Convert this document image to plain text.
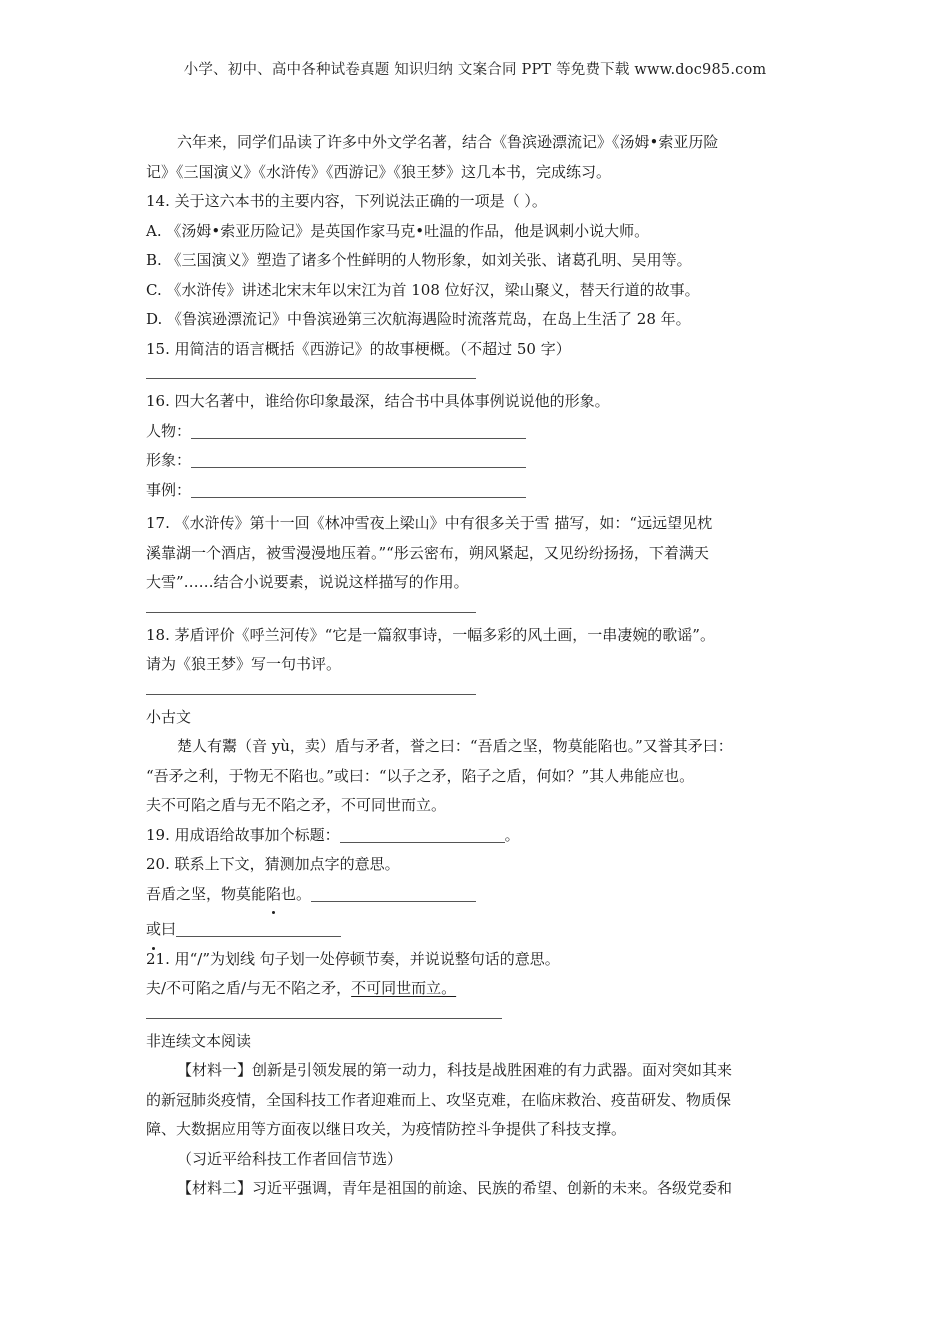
小学、初中、高中各种试卷真题 知识归纳 文案合同 PPT 等免费下载 www.doc985.com

六年来，同学们品读了许多中外文学名著，结合《鲁滨逊漂流记》《汤姆•索亚历险

记》《三国演义》《水浒传》《西游记》《狼王梦》这几本书，完成练习。

14. 关于这六本书的主要内容，下列说法正确的一项是（ ）。

A. 《汤姆•索亚历险记》是英国作家马克•吐温的作品，他是讽刺小说大师。

B. 《三国演义》塑造了诸多个性鲜明的人物形象，如刘关张、诸葛孔明、吴用等。

C. 《水浒传》讲述北宋末年以宋江为首 108 位好汉，梁山聚义，替天行道的故事。

D. 《鲁滨逊漂流记》中鲁滨逊第三次航海遇险时流落荒岛，在岛上生活了 28 年。

15. 用简洁的语言概括《西游记》的故事梗概。（不超过 50 字）

16. 四大名著中，谁给你印象最深，结合书中具体事例说说他的形象。

人物：

形象：

事例：

17. 《水浒传》第十一回《林冲雪夜上梁山》中有很多关于雪 描写，如：“远远望见枕

溪靠湖一个酒店，被雪漫漫地压着。”“彤云密布，朔风紧起，又见纷纷扬扬，下着满天

大雪”……结合小说要素，说说这样描写的作用。

18. 茅盾评价《呼兰河传》“它是一篇叙事诗，一幅多彩的风土画，一串凄婉的歌谣”。

请为《狼王梦》写一句书评。

小古文

楚人有鬻（音 yù，卖）盾与矛者，誉之曰：“吾盾之坚，物莫能陷也。”又誉其矛曰：

“吾矛之利，于物无不陷也。”或曰：“以子之矛，陷子之盾，何如？”其人弗能应也。

夫不可陷之盾与无不陷之矛，不可同世而立。

19. 用成语给故事加个标题：	。

20. 联系上下文，猜测加点字的意思。

吾盾之坚，物莫能陷也。

或曰

21. 用“/”为划线 句子划一处停顿节奏，并说说整句话的意思。

夫/不可陷之盾/与无不陷之矛，不可同世而立。

非连续文本阅读

【材料一】创新是引领发展的第一动力，科技是战胜困难的有力武器。面对突如其来

的新冠肺炎疫情，全国科技工作者迎难而上、攻坚克难，在临床救治、疫苗研发、物质保

障、大数据应用等方面夜以继日攻关，为疫情防控斗争提供了科技支撑。

（习近平给科技工作者回信节选）

【材料二】习近平强调，青年是祖国的前途、民族的希望、创新的未来。各级党委和
